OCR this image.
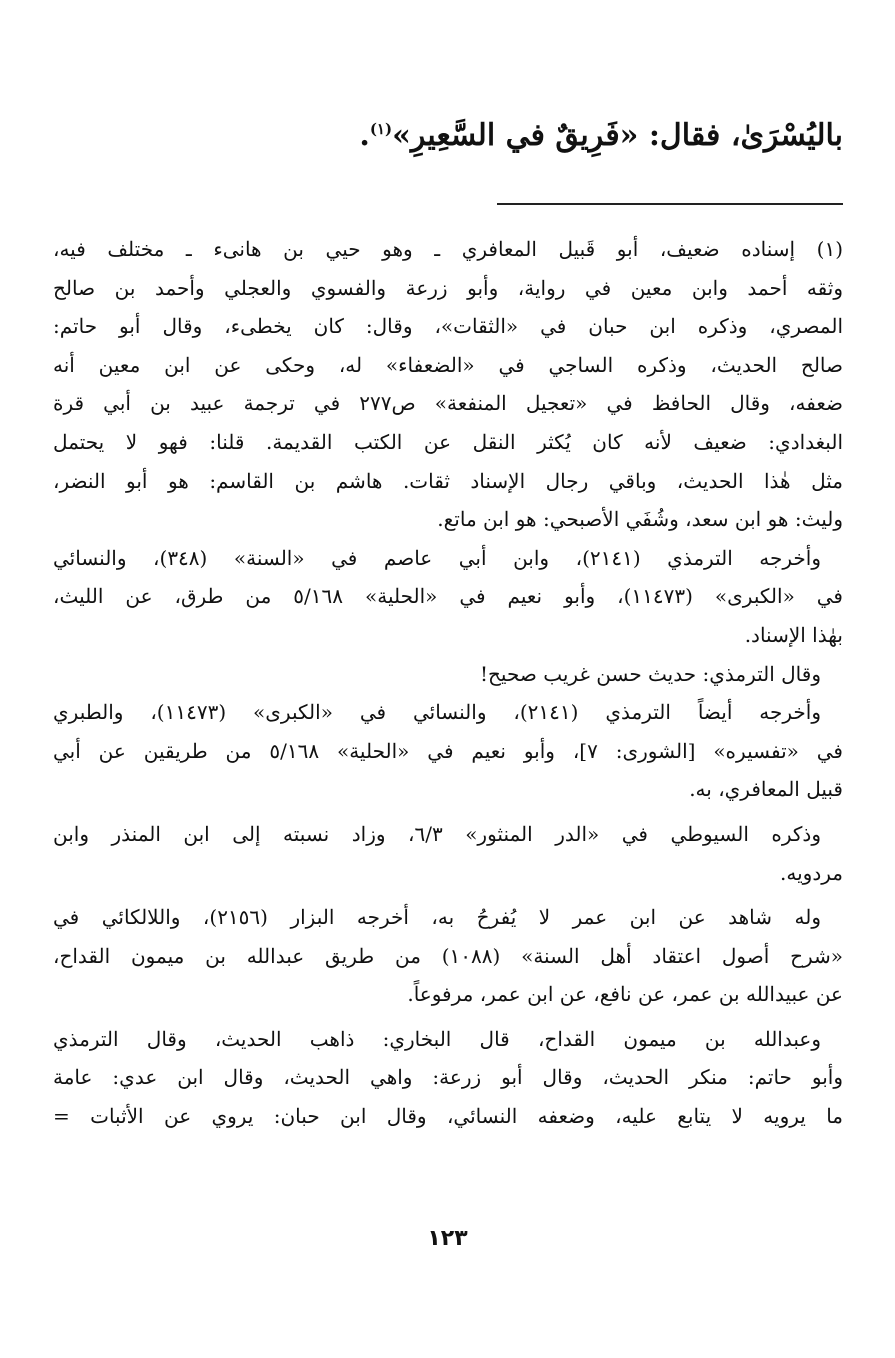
باليُسْرَىٰ، فقال: «فَرِيقٌ في السَّعِيرِ»$^{(١)}$.
(١) إسناده ضعيف، أبو قَبيل المعافري ـ وهو حيي بن هانىء ـ مختلف فيه،
وثقه أحمد وابن معين في رواية، وأبو زرعة والفسوي والعجلي وأحمد بن صالح
المصري، وذكره ابن حبان في «الثقات»، وقال: كان يخطىء، وقال أبو حاتم:
صالح الحديث، وذكره الساجي في «الضعفاء» له، وحكى عن ابن معين أنه
ضعفه، وقال الحافظ في «تعجيل المنفعة» ص٢٧٧ في ترجمة عبيد بن أبي قرة
البغدادي: ضعيف لأنه كان يُكثر النقل عن الكتب القديمة. قلنا: فهو لا يحتمل
مثل هٰذا الحديث، وباقي رجال الإسناد ثقات. هاشم بن القاسم: هو أبو النضر،
وليث: هو ابن سعد، وشُفَي الأصبحي: هو ابن ماتع.
وأخرجه الترمذي (٢١٤١)، وابن أبي عاصم في «السنة» (٣٤٨)، والنسائي
في «الكبرى» (١١٤٧٣)، وأبو نعيم في «الحلية» ٥/١٦٨ من طرق، عن الليث،
بهٰذا الإسناد.
وقال الترمذي: حديث حسن غريب صحيح!
وأخرجه أيضاً الترمذي (٢١٤١)، والنسائي في «الكبرى» (١١٤٧٣)، والطبري
في «تفسيره» [الشورى: ٧]، وأبو نعيم في «الحلية» ٥/١٦٨ من طريقين عن أبي
قبيل المعافري، به.
وذكره السيوطي في «الدر المنثور» ٦/٣، وزاد نسبته إلى ابن المنذر وابن
مردويه.
وله شاهد عن ابن عمر لا يُفرحُ به، أخرجه البزار (٢١٥٦)، واللالكائي في
«شرح أصول اعتقاد أهل السنة» (١٠٨٨) من طريق عبدالله بن ميمون القداح،
عن عبيدالله بن عمر، عن نافع، عن ابن عمر، مرفوعاً.
وعبدالله بن ميمون القداح، قال البخاري: ذاهب الحديث، وقال الترمذي
وأبو حاتم: منكر الحديث، وقال أبو زرعة: واهي الحديث، وقال ابن عدي: عامة
ما يرويه لا يتابع عليه، وضعفه النسائي، وقال ابن حبان: يروي عن الأثبات =
١٢٣
